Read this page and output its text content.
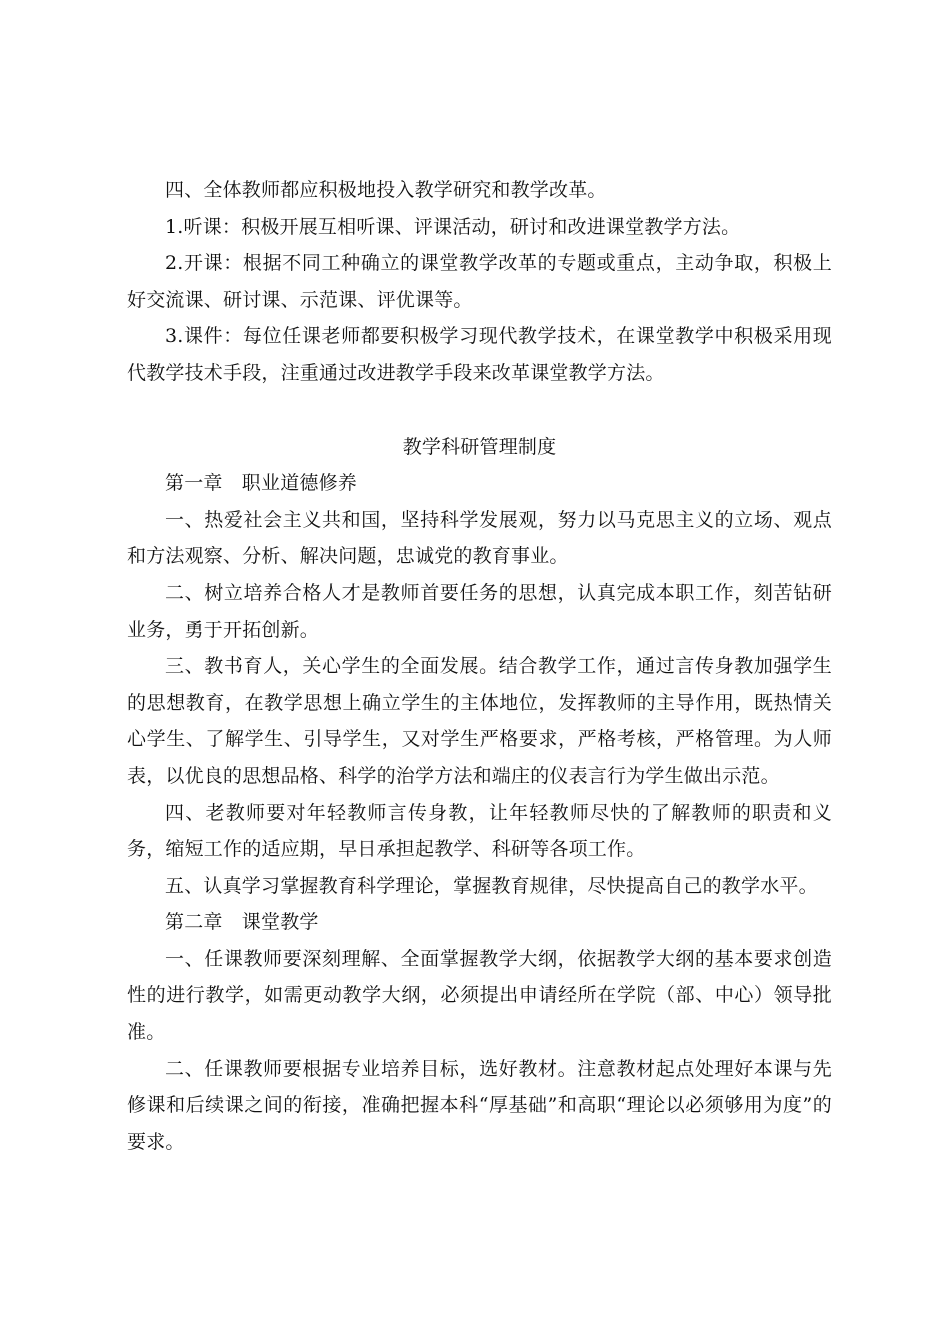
四、全体教师都应积极地投入教学研究和教学改革。

1.听课：积极开展互相听课、评课活动，研讨和改进课堂教学方法。

2.开课：根据不同工种确立的课堂教学改革的专题或重点，主动争取，积极上好交流课、研讨课、示范课、评优课等。

3.课件：每位任课老师都要积极学习现代教学技术，在课堂教学中积极采用现代教学技术手段，注重通过改进教学手段来改革课堂教学方法。

教学科研管理制度

第一章　职业道德修养

一、热爱社会主义共和国，坚持科学发展观，努力以马克思主义的立场、观点和方法观察、分析、解决问题，忠诚党的教育事业。

二、树立培养合格人才是教师首要任务的思想，认真完成本职工作，刻苦钻研业务，勇于开拓创新。

三、教书育人，关心学生的全面发展。结合教学工作，通过言传身教加强学生的思想教育，在教学思想上确立学生的主体地位，发挥教师的主导作用，既热情关心学生、了解学生、引导学生，又对学生严格要求，严格考核，严格管理。为人师表，以优良的思想品格、科学的治学方法和端庄的仪表言行为学生做出示范。

四、老教师要对年轻教师言传身教，让年轻教师尽快的了解教师的职责和义务，缩短工作的适应期，早日承担起教学、科研等各项工作。

五、认真学习掌握教育科学理论，掌握教育规律，尽快提高自己的教学水平。

第二章　课堂教学

一、任课教师要深刻理解、全面掌握教学大纲，依据教学大纲的基本要求创造性的进行教学，如需更动教学大纲，必须提出申请经所在学院（部、中心）领导批准。

二、任课教师要根据专业培养目标，选好教材。注意教材起点处理好本课与先修课和后续课之间的衔接，准确把握本科“厚基础”和高职“理论以必须够用为度”的要求。
